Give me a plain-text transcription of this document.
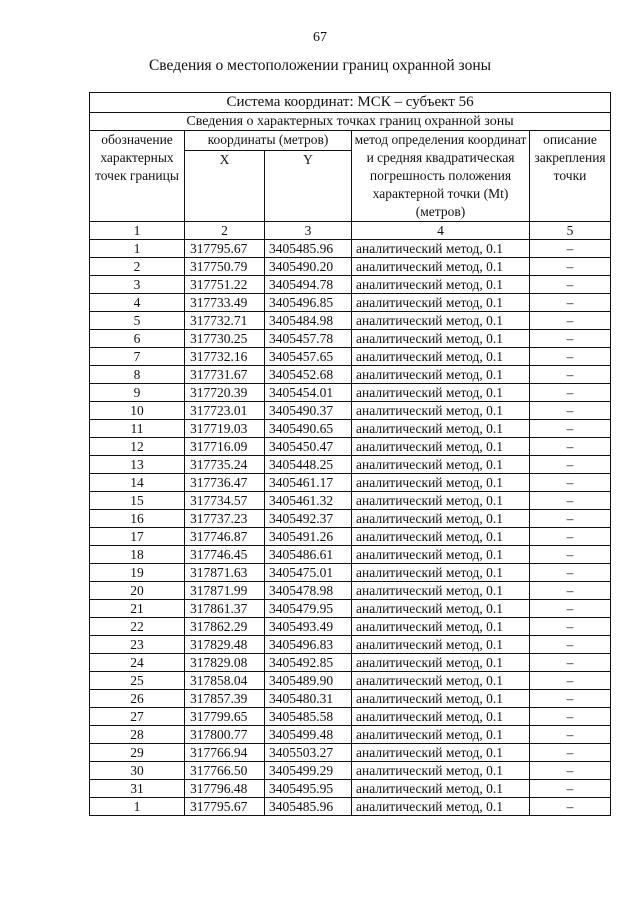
67
Сведения о местоположении границ охранной зоны
Система координат: МСК – субъект 56				
Сведения о характерных точках границ охранной зоны				
обозначение характерных точек границы	координаты (метров)		метод определения координат и средняя квадратическая погрешность положения характерной точки (Mt) (метров)	описание закрепления точки
	X	Y		
1	2	3	4	5
1	317795.67	3405485.96	аналитический метод, 0.1	–
2	317750.79	3405490.20	аналитический метод, 0.1	–
3	317751.22	3405494.78	аналитический метод, 0.1	–
4	317733.49	3405496.85	аналитический метод, 0.1	–
5	317732.71	3405484.98	аналитический метод, 0.1	–
6	317730.25	3405457.78	аналитический метод, 0.1	–
7	317732.16	3405457.65	аналитический метод, 0.1	–
8	317731.67	3405452.68	аналитический метод, 0.1	–
9	317720.39	3405454.01	аналитический метод, 0.1	–
10	317723.01	3405490.37	аналитический метод, 0.1	–
11	317719.03	3405490.65	аналитический метод, 0.1	–
12	317716.09	3405450.47	аналитический метод, 0.1	–
13	317735.24	3405448.25	аналитический метод, 0.1	–
14	317736.47	3405461.17	аналитический метод, 0.1	–
15	317734.57	3405461.32	аналитический метод, 0.1	–
16	317737.23	3405492.37	аналитический метод, 0.1	–
17	317746.87	3405491.26	аналитический метод, 0.1	–
18	317746.45	3405486.61	аналитический метод, 0.1	–
19	317871.63	3405475.01	аналитический метод, 0.1	–
20	317871.99	3405478.98	аналитический метод, 0.1	–
21	317861.37	3405479.95	аналитический метод, 0.1	–
22	317862.29	3405493.49	аналитический метод, 0.1	–
23	317829.48	3405496.83	аналитический метод, 0.1	–
24	317829.08	3405492.85	аналитический метод, 0.1	–
25	317858.04	3405489.90	аналитический метод, 0.1	–
26	317857.39	3405480.31	аналитический метод, 0.1	–
27	317799.65	3405485.58	аналитический метод, 0.1	–
28	317800.77	3405499.48	аналитический метод, 0.1	–
29	317766.94	3405503.27	аналитический метод, 0.1	–
30	317766.50	3405499.29	аналитический метод, 0.1	–
31	317796.48	3405495.95	аналитический метод, 0.1	–
1	317795.67	3405485.96	аналитический метод, 0.1	–
